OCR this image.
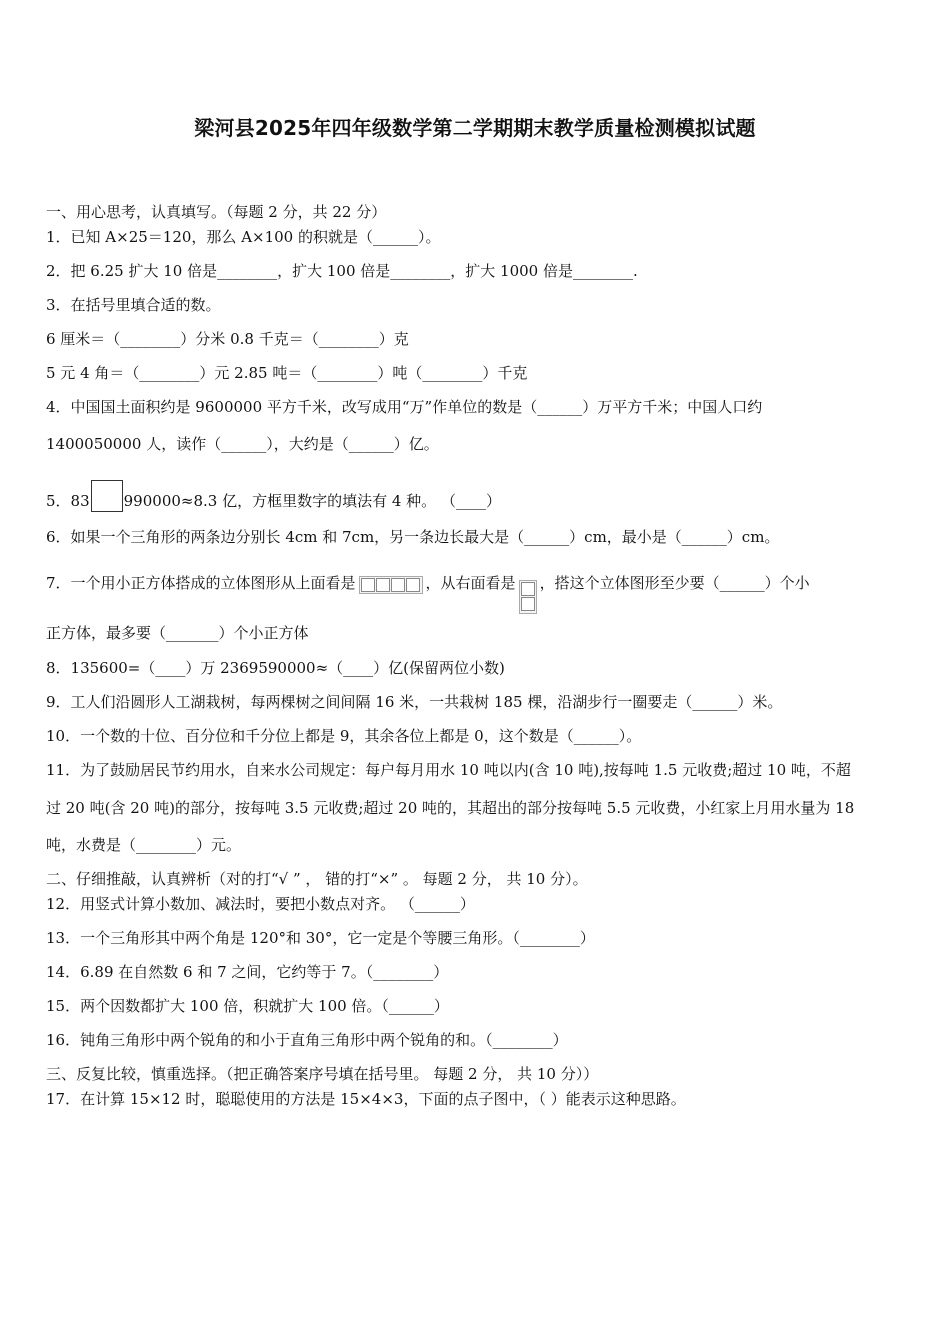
梁河县2025年四年级数学第二学期期末教学质量检测模拟试题
一、用心思考，认真填写。（每题 2 分，共 22 分）
1．已知 A×25＝120，那么 A×100 的积就是（______）。
2．把 6.25 扩大 10 倍是________，扩大 100 倍是________，扩大 1000 倍是________.
3．在括号里填合适的数。
6 厘米＝（________）分米 0.8 千克＝（________）克
5 元 4 角＝（________）元 2.85 吨＝（________）吨（________）千克
4．中国国土面积约是 9600000 平方千米，改写成用“万”作单位的数是（______）万平方千米；中国人口约
1400050000 人，读作（______），大约是（______）亿。
5．83 990000≈8.3 亿，方框里数字的填法有 4 种。 （____）
6．如果一个三角形的两条边分别长 4cm 和 7cm，另一条边长最大是（______）cm，最小是（______）cm。
7．一个用小正方体搭成的立体图形从上面看是	，从右面看是 ，搭这个立体图形至少要（______）个小
正方体，最多要（_______）个小正方体
8．135600=（____）万 2369590000≈（____）亿(保留两位小数)
9．工人们沿圆形人工湖栽树，每两棵树之间间隔 16 米，一共栽树 185 棵，沿湖步行一圈要走（______）米。
10．一个数的十位、百分位和千分位上都是 9，其余各位上都是 0，这个数是（______）。
11．为了鼓励居民节约用水，自来水公司规定：每户每月用水 10 吨以内(含 10 吨),按每吨 1.5 元收费;超过 10 吨，不超
过 20 吨(含 20 吨)的部分，按每吨 3.5 元收费;超过 20 吨的，其超出的部分按每吨 5.5 元收费，小红家上月用水量为 18
吨，水费是（________）元。
二、仔细推敲，认真辨析（对的打“√ ” ， 错的打“×” 。 每题 2 分， 共 10 分）。
12．用竖式计算小数加、减法时，要把小数点对齐。 （______）
13．一个三角形其中两个角是 120°和 30°，它一定是个等腰三角形。（________）
14．6.89 在自然数 6 和 7 之间，它约等于 7。（________）
15．两个因数都扩大 100 倍，积就扩大 100 倍。（______）
16．钝角三角形中两个锐角的和小于直角三角形中两个锐角的和。（________）
三、反复比较，慎重选择。（把正确答案序号填在括号里。 每题 2 分， 共 10 分））
17．在计算 15×12 时，聪聪使用的方法是 15×4×3，下面的点子图中，（ ）能表示这种思路。
